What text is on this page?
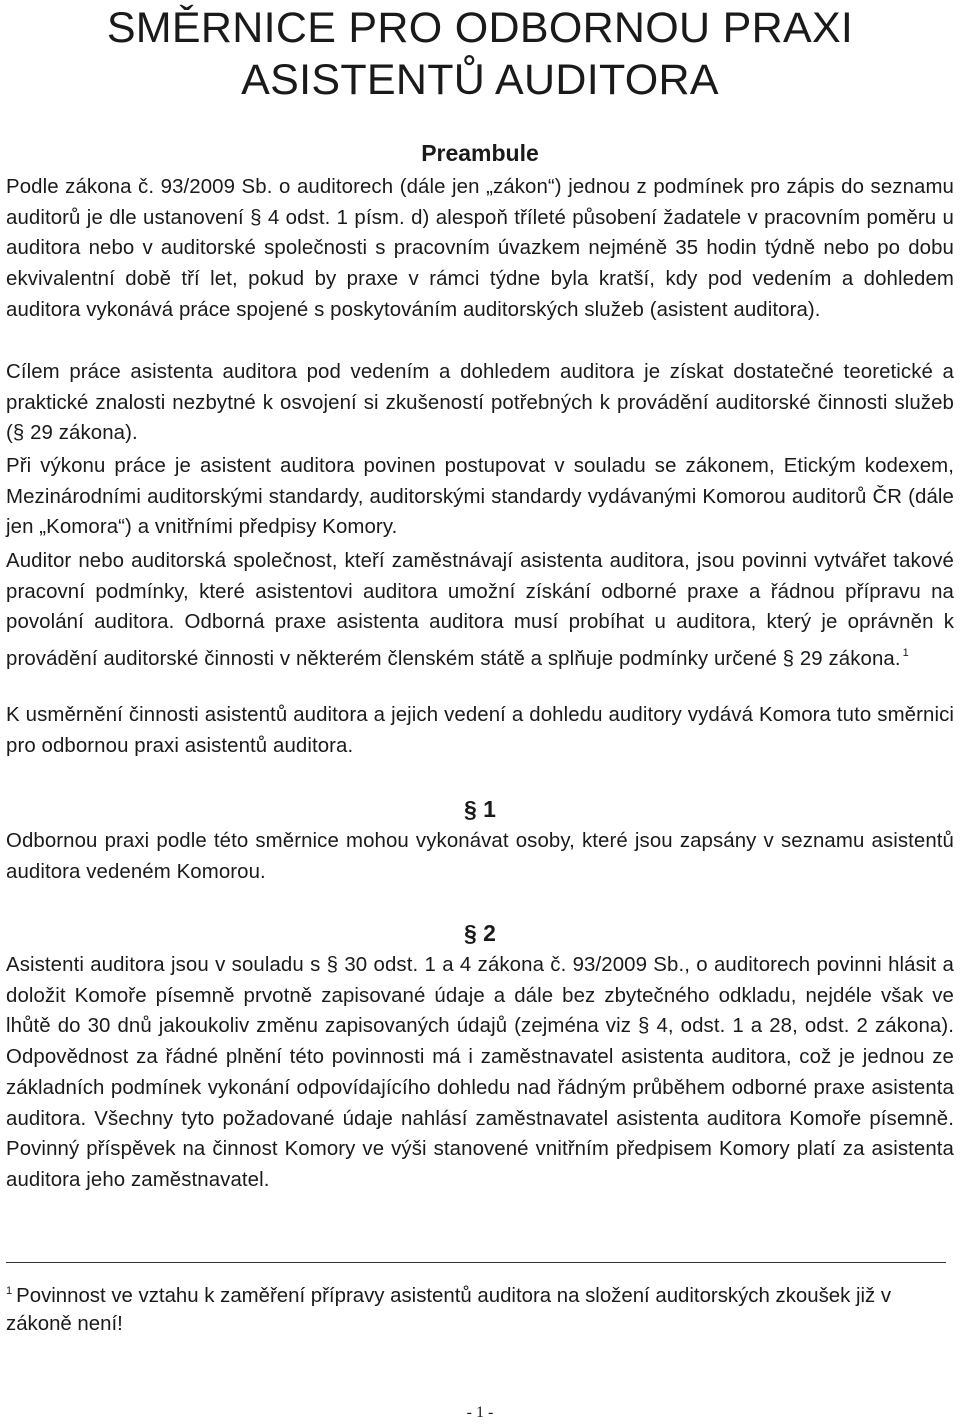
SMĚRNICE PRO ODBORNOU PRAXI
ASISTENTŮ AUDITORA
Preambule

Podle zákona č. 93/2009 Sb. o auditorech (dále jen „zákon“) jednou z podmínek pro zápis do seznamu auditorů je dle ustanovení § 4 odst. 1 písm. d) alespoň tříleté působení žadatele v pracovním poměru u auditora nebo v auditorské společnosti s pracovním úvazkem nejméně 35 hodin týdně nebo po dobu ekvivalentní době tří let, pokud by praxe v rámci týdne byla kratší, kdy pod vedením a dohledem auditora vykonává práce spojené s poskytováním auditorských služeb (asistent auditora).

Cílem práce asistenta auditora pod vedením a dohledem auditora je získat dostatečné teoretické a praktické znalosti nezbytné k osvojení si zkušeností potřebných k provádění auditorské činnosti služeb (§ 29 zákona).

Při výkonu práce je asistent auditora povinen postupovat v souladu se zákonem, Etickým kodexem, Mezinárodními auditorskými standardy, auditorskými standardy vydávanými Komorou auditorů ČR (dále jen „Komora“) a vnitřními předpisy Komory.

Auditor nebo auditorská společnost, kteří zaměstnávají asistenta auditora, jsou povinni vytvářet takové pracovní podmínky, které asistentovi auditora umožní získání odborné praxe a řádnou přípravu na povolání auditora. Odborná praxe asistenta auditora musí probíhat u auditora, který je oprávněn k provádění auditorské činnosti v některém členském státě a splňuje podmínky určené § 29 zákona. $^1$

K usměrnění činnosti asistentů auditora a jejich vedení a dohledu auditory vydává Komora tuto směrnici pro odbornou praxi asistentů auditora.

§ 1

Odbornou praxi podle této směrnice mohou vykonávat osoby, které jsou zapsány v seznamu asistentů auditora vedeném Komorou.

§ 2

Asistenti auditora jsou v souladu s § 30 odst. 1 a 4 zákona č. 93/2009 Sb., o auditorech povinni hlásit a doložit Komoře písemně prvotně zapisované údaje a dále bez zbytečného odkladu, nejdéle však ve lhůtě do 30 dnů jakoukoliv změnu zapisovaných údajů (zejména viz § 4, odst. 1 a 28, odst. 2 zákona). Odpovědnost za řádné plnění této povinnosti má i zaměstnavatel asistenta auditora, což je jednou ze základních podmínek vykonání odpovídajícího dohledu nad řádným průběhem odborné praxe asistenta auditora. Všechny tyto požadované údaje nahlásí zaměstnavatel asistenta auditora Komoře písemně. Povinný příspěvek na činnost Komory ve výši stanovené vnitřním předpisem Komory platí za asistenta auditora jeho zaměstnavatel.

$^1$ Povinnost ve vztahu k zaměření přípravy asistentů auditora na složení auditorských zkoušek již v zákoně není!

- 1 -
